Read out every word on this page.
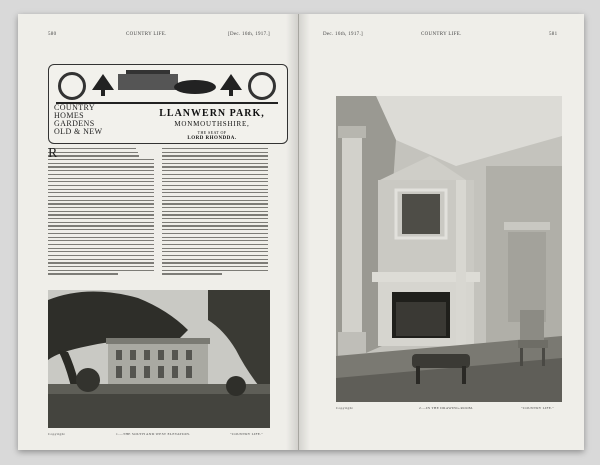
580	COUNTRY LIFE.	[Dec. 16th, 1917.]
COUNTRY
HOMES
GARDENS
OLD & NEW
LLANWERN PARK,
MONMOUTHSHIRE,
THE SEAT OF
LORD RHONDDA.
R
Copyright	1.—THE SOUTH AND WEST ELEVATION.	"COUNTRY LIFE."
Dec. 16th, 1917.]	COUNTRY LIFE.	581
Copyright	2.—IN THE DRAWING-ROOM.	"COUNTRY LIFE."
